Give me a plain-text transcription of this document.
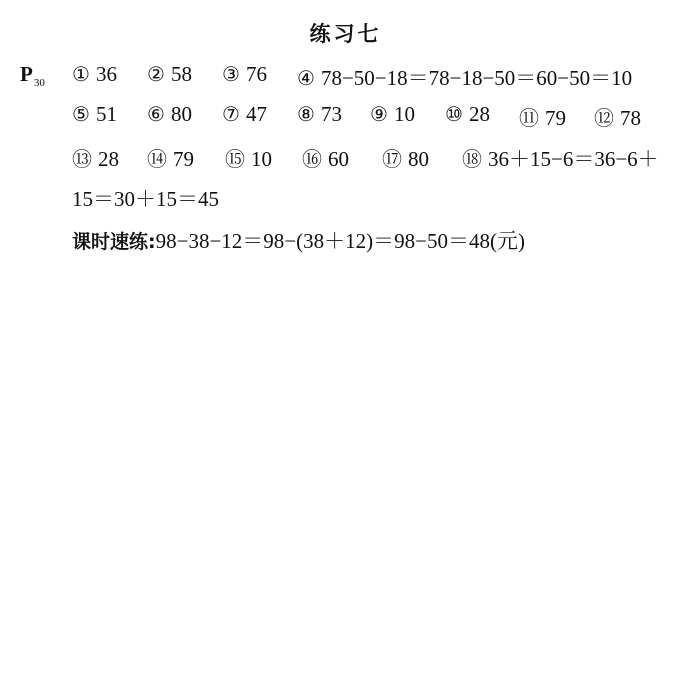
练习七
$P_{30}$ ① 36 ② 58 ③ 76 ④ 78−50−18＝78−18−50＝60−50＝10
⑤ 51 ⑥ 80 ⑦ 47 ⑧ 73 ⑨ 10 ⑩ 28 ⑪ 79 ⑫ 78
⑬ 28 ⑭ 79 ⑮ 10 ⑯ 60 ⑰ 80 ⑱ 36＋15−6＝36−6＋
15＝30＋15＝45
课时速练:98−38−12＝98−(38＋12)＝98−50＝48(元)
